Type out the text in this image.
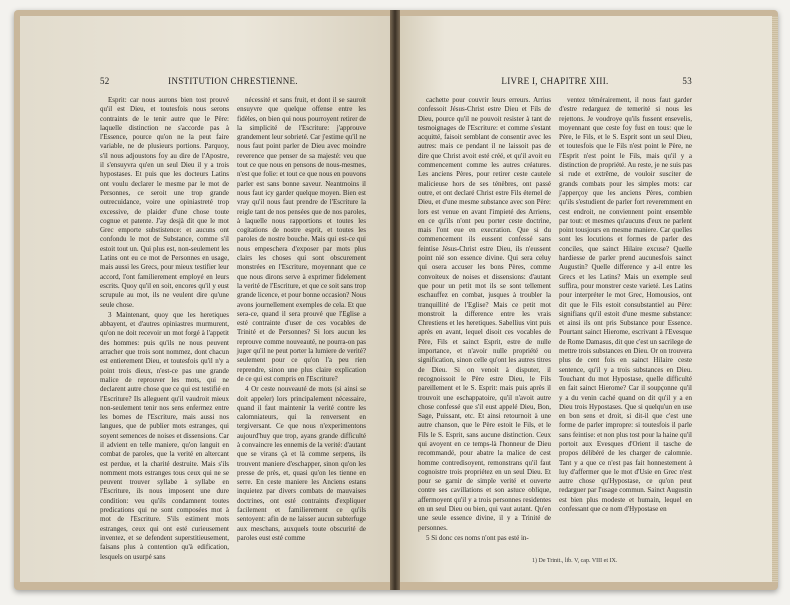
52	INSTITUTION CHRESTIENNE.

Esprit: car nous aurons bien tost prouvé qu'il est Dieu, et toutesfois nous serons contraints de le tenir autre que le Père: laquelle distinction ne s'accorde pas à l'Essence, pource qu'on ne la peut faire variable, ne de plusieurs portions. Parquoy, s'il nous adjoustons foy au dire de l'Apostre, il s'ensuyvra qu'en un seul Dieu il y a trois hypostases. Et puis que les docteurs Latins ont voulu declarer le mesme par le mot de Personnes, ce seroit une trop grande outrecuidance, voire une opiniastreté trop excessive, de plaider d'une chose toute cognue et patente. J'ay desjà dit que le mot Grec emporte substistence: et aucuns ont confondu le mot de Substance, comme s'il estoit tout un. Qui plus est, non-seulement les Latins ont eu ce mot de Personnes en usage, mais aussi les Grecs, pour mieux testifier leur accord, l'ont familierement employé en leurs escrits. Quoy qu'il en soit, encores qu'il y eust scrupule au mot, ils ne veulent dire qu'une seule chose.

3 Maintenant, quoy que les heretiques abbayent, et d'autres opiniastres murmurent, qu'on ne doit recevoir un mot forgé à l'appetit des hommes: puis qu'ils ne nous peuvent arracher que trois sont nommez, dont chacun est entierement Dieu, et toutesfois qu'il n'y a point trois dieux, n'est-ce pas une grande malice de reprouver les mots, qui ne declarent autre chose que ce qui est testifié en l'Escriture? Ils alleguent qu'il vaudroit mieux non-seulement tenir nos sens enfermez entre les bornes de l'Escriture, mais aussi nos langues, que de publier mots estranges, qui soyent semences de noises et dissensions. Car il advient en telle maniere, qu'on languit en combat de paroles, que la verité en altercant est perdue, et la charité destruite. Mais s'ils nomment mots estranges tous ceux qui ne se peuvent trouver syllabe à syllabe en l'Escriture, ils nous imposent une dure condition: veu qu'ils condamnent toutes predications qui ne sont composées mot à mot de l'Escriture. S'ils estiment mots estranges, ceux qui ont esté curieusement inventez, et se defendent superstitieusement, faisans plus à contention qu'à edification, lesquels on usurpé sans

nécessité et sans fruit, et dont il se sauroit ensuyvre que quelque offense entre les fidèles, on bien qui nous pourroyent retirer de la simplicité de l'Escriture: j'approuve grandement leur sobrieté. Car j'estime qu'il ne nous faut point parler de Dieu avec moindre reverence que penser de sa majesté: veu que tout ce que nous en pensons de nous-mesmes, n'est que folie: et tout ce que nous en pouvons parler est sans bonne saveur. Neantmoins il nous faut icy garder quelque moyen. Bien est vray qu'il nous faut prendre de l'Escriture la reigle tant de nos pensées que de nos paroles, à laquelle nous rapportions et toutes les cogitations de nostre esprit, et toutes les paroles de nostre bouche. Mais qui est-ce qui nous empeschera d'exposer par mots plus clairs les choses qui sont obscurement monstrées en l'Escriture, moyennant que ce que nous dirons serve à exprimer fidelement la verité de l'Escriture, et que ce soit sans trop grande licence, et pour bonne occasion? Nous avons journellement exemples de cela. Et que sera-ce, quand il sera prouvé que l'Eglise a esté contrainte d'user de ces vocables de Trinité et de Personnes? Si lors aucun les reprouve comme nouveauté, ne pourra-on pas juger qu'il ne peut porter la lumiere de verité? seulement pour ce qu'on l'a peu rien reprendre, sinon une plus claire explication de ce qui est compris en l'Escriture?

4 Or ceste nouveauté de mots (si ainsi se doit appeler) lors principalement nécessaire, quand il faut maintenir la verité contre les calomniateurs, qui la renversent en tergiversant. Ce que nous n'experimentons aujourd'huy que trop, ayans grande difficulté à convaincre les ennemis de la verité: d'autant que se virans çà et là comme serpens, ils trouvent maniere d'eschapper, sinon qu'on les presse de près, et, quasi qu'on les tienne en serre. En ceste maniere les Anciens estans inquietez par divers combats de mauvaises doctrines, ont esté contraints d'expliquer facilement et familierement ce qu'ils sentoyent: afin de ne laisser aucun subterfuge aux meschans, auxquels toute obscurité de paroles eust esté comme

LIVRE I, CHAPITRE XIII.	53

cachette pour couvrir leurs erreurs. Arrius confessoit Jésus-Christ estre Dieu et Fils de Dieu, pource qu'il ne pouvoit resister à tant de tesmoignages de l'Escriture: et comme s'estant acquitté, faisoit semblant de consentir avec les autres: mais ce pendant il ne laissoit pas de dire que Christ avoit esté créé, et qu'il avoit eu commencement comme les autres créatures. Les anciens Pères, pour retirer ceste cautele malicieuse hors de ses ténèbres, ont passé outre, et ont declaré Christ estre Fils éternel de Dieu, et d'une mesme substance avec son Père: lors est venue en avant l'impieté des Arriens, en ce qu'ils n'ont peu porter ceste doctrine, mais l'ont eue en execration. Que si du commencement ils eussent confessé sans feintise Jésus-Christ estre Dieu, ils n'eussent point nié son essence divine. Qui sera celuy qui osera accuser les bons Pères, comme convoiteux de noises et dissensions: d'autant que pour un petit mot ils se sont tellement eschauffez en combat, jusques à troubler la tranquillité de l'Eglise? Mais ce petit mot monstroit la difference entre les vrais Chrestiens et les heretiques. Sabellius vint puis après en avant, lequel disoit ces vocables de Père, Fils et sainct Esprit, estre de nulle importance, et n'avoir nulle propriété ou signification, sinon celle qu'ont les autres titres de Dieu. Si on venoit à disputer, il recognoissoit le Père estre Dieu, le Fils pareillement et le S. Esprit: mais puis après il trouvoit une eschappatoire, qu'il n'avoit autre chose confessé que s'il eust appelé Dieu, Bon, Sage, Puissant, etc. Et ainsi retournoit à une autre chanson, que le Père estoit le Fils, et le Fils le S. Esprit, sans aucune distinction. Ceux qui avoyent en ce temps-là l'honneur de Dieu recommandé, pour abatre la malice de cest homme contredisoyent, remonstrans qu'il faut cognoistre trois propriétez en un seul Dieu. Et pour se garnir de simple verité et ouverte contre ses cavillations et son astuce oblique, affermoyent qu'il y a trois personnes residentes en un seul Dieu ou bien, qui vaut autant. Qu'en une seule essence divine, il y a Trinité de personnes.

5 Si donc ces noms n'ont pas esté in-

ventez témérairement, il nous faut garder d'estre redarguez de temerité si nous les rejettons. Je voudroye qu'ils fussent ensevelis, moyennant que ceste foy fust en tous: que le Père, le Fils, et le S. Esprit sont un seul Dieu, et toutesfois que le Fils n'est point le Père, ne l'Esprit n'est point le Fils, mais qu'il y a distinction de propriété. Au reste, je ne suis pas si rude et extrême, de vouloir susciter de grands combats pour les simples mots: car j'apperçoy que les anciens Pères, combien qu'ils s'estudient de parler fort reveremment en cest endroit, ne conviennent point ensemble par tout: et mesmes qu'aucuns d'eux ne parlent point tousjours en mesme maniere. Car quelles sont les locutions et formes de parler des conciles, que sainct Hilaire excuse? Quelle hardiesse de parler prend aucunesfois sainct Augustin? Quelle difference y a-il entre les Grecs et les Latins? Mais un exemple seul suffira, pour monstrer ceste varieté. Les Latins pour interpréter le mot Grec, Homousios, ont dit que le Fils estoit consubstantiel au Père: signifians qu'il estoit d'une mesme substance: et ainsi ils ont pris Substance pour Essence. Pourtant sainct Hierome, escrivant à l'Evesque de Rome Damasus, dit que c'est un sacrilege de mettre trois substances en Dieu. Or on trouvera plus de cent fois en sainct Hilaire ceste sentence, qu'il y a trois substances en Dieu. Touchant du mot Hypostase, quelle difficulté en fait sainct Hierome? Car il soupçonne qu'il y a du venin caché quand on dit qu'il y a en Dieu trois Hypostases. Que si quelqu'un en use en bon sens et droit, si dit-il que c'est une forme de parler impropre: si toutesfois il parle sans feintise: et non plus tost pour la haine qu'il portoit aux Evesques d'Orient il tasche de propos délibéré de les charger de calomnie. Tant y a que ce n'est pas fait honnestement à luy d'affermer que le mot d'Usie en Grec n'est autre chose qu'Hypostase, ce qu'on peut redarguer par l'usage commun. Sainct Augustin est bien plus modeste et humain, lequel en confessant que ce nom d'Hypostase en

1) De Trinit., lib. V, cap. VIII et IX.
